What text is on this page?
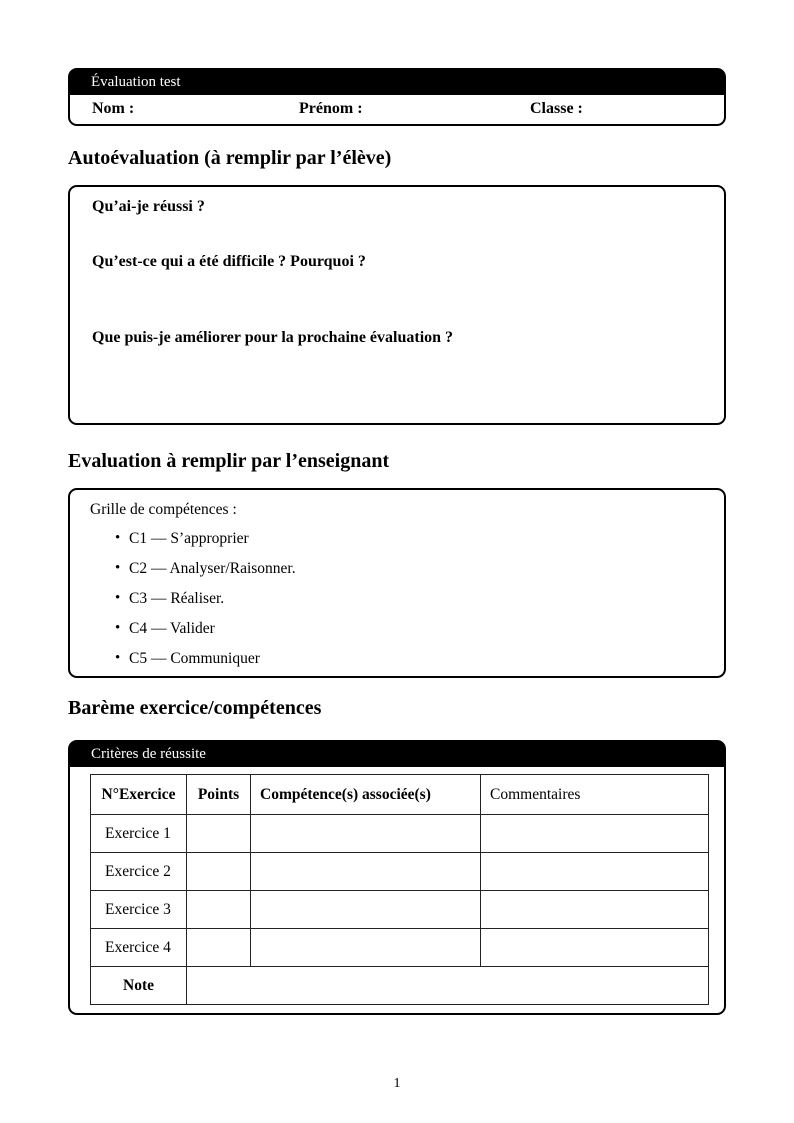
Évaluation test
Nom :	Prénom :	Classe :
Autoévaluation (à remplir par l’élève)

Qu’ai-je réussi ?

Qu’est-ce qui a été difficile ? Pourquoi ?

Que puis-je améliorer pour la prochaine évaluation ?

Evaluation à remplir par l’enseignant

Grille de compétences :

• C1 — S’approprier
• C2 — Analyser/Raisonner.
• C3 — Réaliser.
• C4 — Valider
• C5 — Communiquer
Barème exercice/compétences
Critères de réussite
N°Exercice	Points	Compétence(s) associée(s)	Commentaires
Exercice 1			
Exercice 2			
Exercice 3			
Exercice 4			
Note			
1
